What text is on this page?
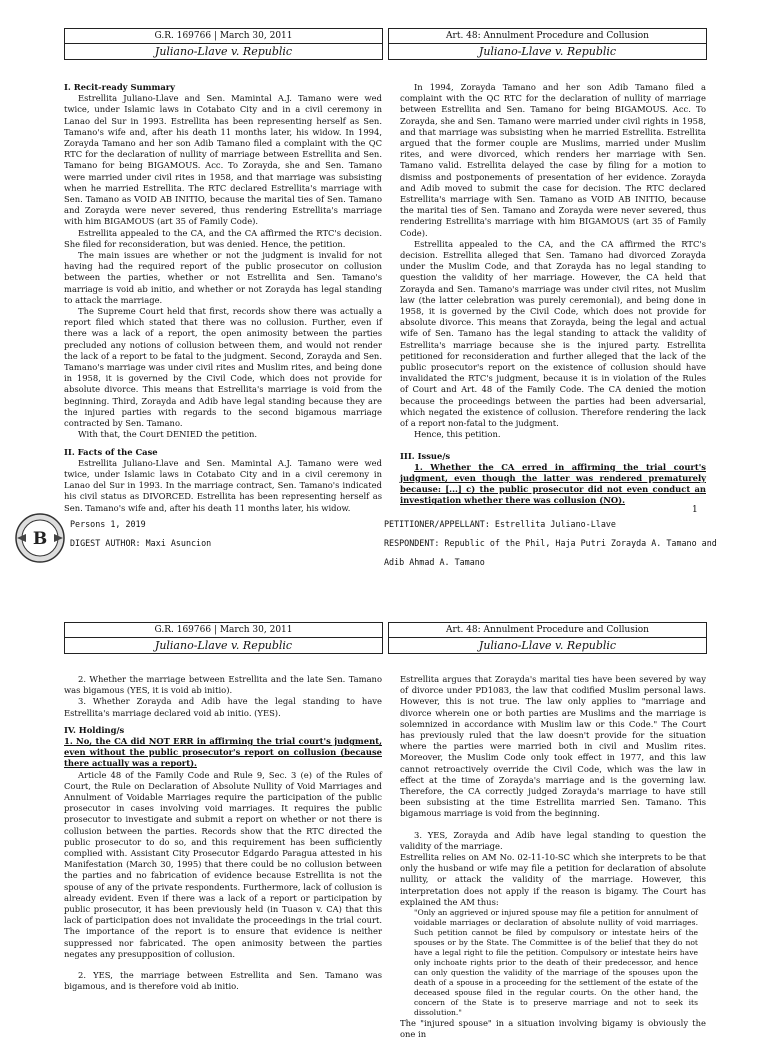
G.R. 169766 | March 30, 2011
Juliano-Llave v. Republic
Art. 48: Annulment Procedure and Collusion
Juliano-Llave v. Republic
I. Recit-ready Summary

Estrellita Juliano-Llave and Sen. Mamintal A.J. Tamano were wed twice, under Islamic laws in Cotabato City and in a civil ceremony in Lanao del Sur in 1993. Estrellita has been representing herself as Sen. Tamano's wife and, after his death 11 months later, his widow. In 1994, Zorayda Tamano and her son Adib Tamano filed a complaint with the QC RTC for the declaration of nullity of marriage between Estrellita and Sen. Tamano for being BIGAMOUS. Acc. To Zorayda, she and Sen. Tamano were married under civil rites in 1958, and that marriage was subsisting when he married Estrellita. The RTC declared Estrellita's marriage with Sen. Tamano as VOID AB INITIO, because the marital ties of Sen. Tamano and Zorayda were never severed, thus rendering Estrellita's marriage with him BIGAMOUS (art 35 of Family Code).

Estrellita appealed to the CA, and the CA affirmed the RTC's decision. She filed for reconsideration, but was denied. Hence, the petition.

The main issues are whether or not the judgment is invalid for not having had the required report of the public prosecutor on collusion between the parties, whether or not Estrellita and Sen. Tamano's marriage is void ab initio, and whether or not Zorayda has legal standing to attack the marriage.

The Supreme Court held that first, records show there was actually a report filed which stated that there was no collusion. Further, even if there was a lack of a report, the open animosity between the parties precluded any notions of collusion between them, and would not render the lack of a report to be fatal to the judgment. Second, Zorayda and Sen. Tamano's marriage was under civil rites and Muslim rites, and being done in 1958, it is governed by the Civil Code, which does not provide for absolute divorce. This means that Estrellita's marriage is void from the beginning. Third, Zorayda and Adib have legal standing because they are the injured parties with regards to the second bigamous marriage contracted by Sen. Tamano.

With that, the Court DENIED the petition.

II. Facts of the Case

Estrellita Juliano-Llave and Sen. Mamintal A.J. Tamano were wed twice, under Islamic laws in Cotabato City and in a civil ceremony in Lanao del Sur in 1993. In the marriage contract, Sen. Tamano's indicated his civil status as DIVORCED. Estrellita has been representing herself as Sen. Tamano's wife and, after his death 11 months later, his widow.

In 1994, Zorayda Tamano and her son Adib Tamano filed a complaint with the QC RTC for the declaration of nullity of marriage between Estrellita and Sen. Tamano for being BIGAMOUS. Acc. To Zorayda, she and Sen. Tamano were married under civil rights in 1958, and that marriage was subsisting when he married Estrellita. Estrellita argued that the former couple are Muslims, married under Muslim rites, and were divorced, which renders her marriage with Sen. Tamano valid. Estrellita delayed the case by filing for a motion to dismiss and postponements of presentation of her evidence. Zorayda and Adib moved to submit the case for decision. The RTC declared Estrellita's marriage with Sen. Tamano as VOID AB INITIO, because the marital ties of Sen. Tamano and Zorayda were never severed, thus rendering Estrellita's marriage with him BIGAMOUS (art 35 of Family Code).

Estrellita appealed to the CA, and the CA affirmed the RTC's decision. Estrellita alleged that Sen. Tamano had divorced Zorayda under the Muslim Code, and that Zorayda has no legal standing to question the validity of her marriage. However, the CA held that Zorayda and Sen. Tamano's marriage was under civil rites, not Muslim law (the latter celebration was purely ceremonial), and being done in 1958, it is governed by the Civil Code, which does not provide for absolute divorce. This means that Zorayda, being the legal and actual wife of Sen. Tamano has the legal standing to attack the validity of Estrellita's marriage because she is the injured party. Estrellita petitioned for reconsideration and further alleged that the lack of the public prosecutor's report on the existence of collusion should have invalidated the RTC's judgment, because it is in violation of the Rules of Court and Art. 48 of the Family Code. The CA denied the motion because the proceedings between the parties had been adversarial, which negated the existence of collusion. Therefore rendering the lack of a report non-fatal to the judgment.

Hence, this petition.

III. Issue/s

1. Whether the CA erred in affirming the trial court's judgment, even though the latter was rendered prematurely because: [...] c) the public prosecutor did not even conduct an investigation whether there was collusion (NO).

1
B
Persons 1, 2019
DIGEST AUTHOR: Maxi Asuncion
PETITIONER/APPELLANT: Estrellita Juliano-Llave
RESPONDENT: Republic of the Phil, Haja Putri Zorayda A. Tamano and
Adib Ahmad A. Tamano
G.R. 169766 | March 30, 2011
Juliano-Llave v. Republic
Art. 48: Annulment Procedure and Collusion
Juliano-Llave v. Republic

2. Whether the marriage between Estrellita and the late Sen. Tamano was bigamous (YES, it is void ab initio).

3. Whether Zorayda and Adib have the legal standing to have Estrellita's marriage declared void ab initio. (YES).

IV. Holding/s

1. No, the CA did NOT ERR in affirming the trial court's judgment, even without the public prosecutor's report on collusion (because there actually was a report).

Article 48 of the Family Code and Rule 9, Sec. 3 (e) of the Rules of Court, the Rule on Declaration of Absolute Nullity of Void Marriages and Annulment of Voidable Marriages require the participation of the public prosecutor in cases involving void marriages. It requires the public prosecutor to investigate and submit a report on whether or not there is collusion between the parties. Records show that the RTC directed the public prosecutor to do so, and this requirement has been sufficiently complied with. Assistant City Prosecutor Edgardo Paragua attested in his Manifestation (March 30, 1995) that there could be no collusion between the parties and no fabrication of evidence because Estrellita is not the spouse of any of the private respondents. Furthermore, lack of collusion is already evident. Even if there was a lack of a report or participation by public prosecutor, it has been previously held (in Tuason v. CA) that this lack of participation does not invalidate the proceedings in the trial court. The importance of the report is to ensure that evidence is neither suppressed nor fabricated. The open animosity between the parties negates any presupposition of collusion.

2. YES, the marriage between Estrellita and Sen. Tamano was bigamous, and is therefore void ab initio.

Estrellita argues that Zorayda's marital ties have been severed by way of divorce under PD1083, the law that codified Muslim personal laws. However, this is not true. The law only applies to "marriage and divorce wherein one or both parties are Muslims and the marriage is solemnized in accordance with Muslim law or this Code." The Court has previously ruled that the law doesn't provide for the situation where the parties were married both in civil and Muslim rites. Moreover, the Muslim Code only took effect in 1977, and this law cannot retroactively override the Civil Code, which was the law in effect at the time of Zorayda's marriage and is the governing law. Therefore, the CA correctly judged Zorayda's marriage to have still been subsisting at the time Estrellita married Sen. Tamano. This bigamous marriage is void from the beginning.

3. YES, Zorayda and Adib have legal standing to question the validity of the marriage.

Estrellita relies on AM No. 02-11-10-SC which she interprets to be that only the husband or wife may file a petition for declaration of absolute nullity, or attack the validity of the marriage. However, this interpretation does not apply if the reason is bigamy. The Court has explained the AM thus:

"Only an aggrieved or injured spouse may file a petition for annulment of voidable marriages or declaration of absolute nullity of void marriages. Such petition cannot be filed by compulsory or intestate heirs of the spouses or by the State. The Committee is of the belief that they do not have a legal right to file the petition. Compulsory or intestate heirs have only inchoate rights prior to the death of their predecessor, and hence can only question the validity of the marriage of the spouses upon the death of a spouse in a proceeding for the settlement of the estate of the deceased spouse filed in the regular courts. On the other hand, the concern of the State is to preserve marriage and not to seek its dissolution."

The "injured spouse" in a situation involving bigamy is obviously the one in
